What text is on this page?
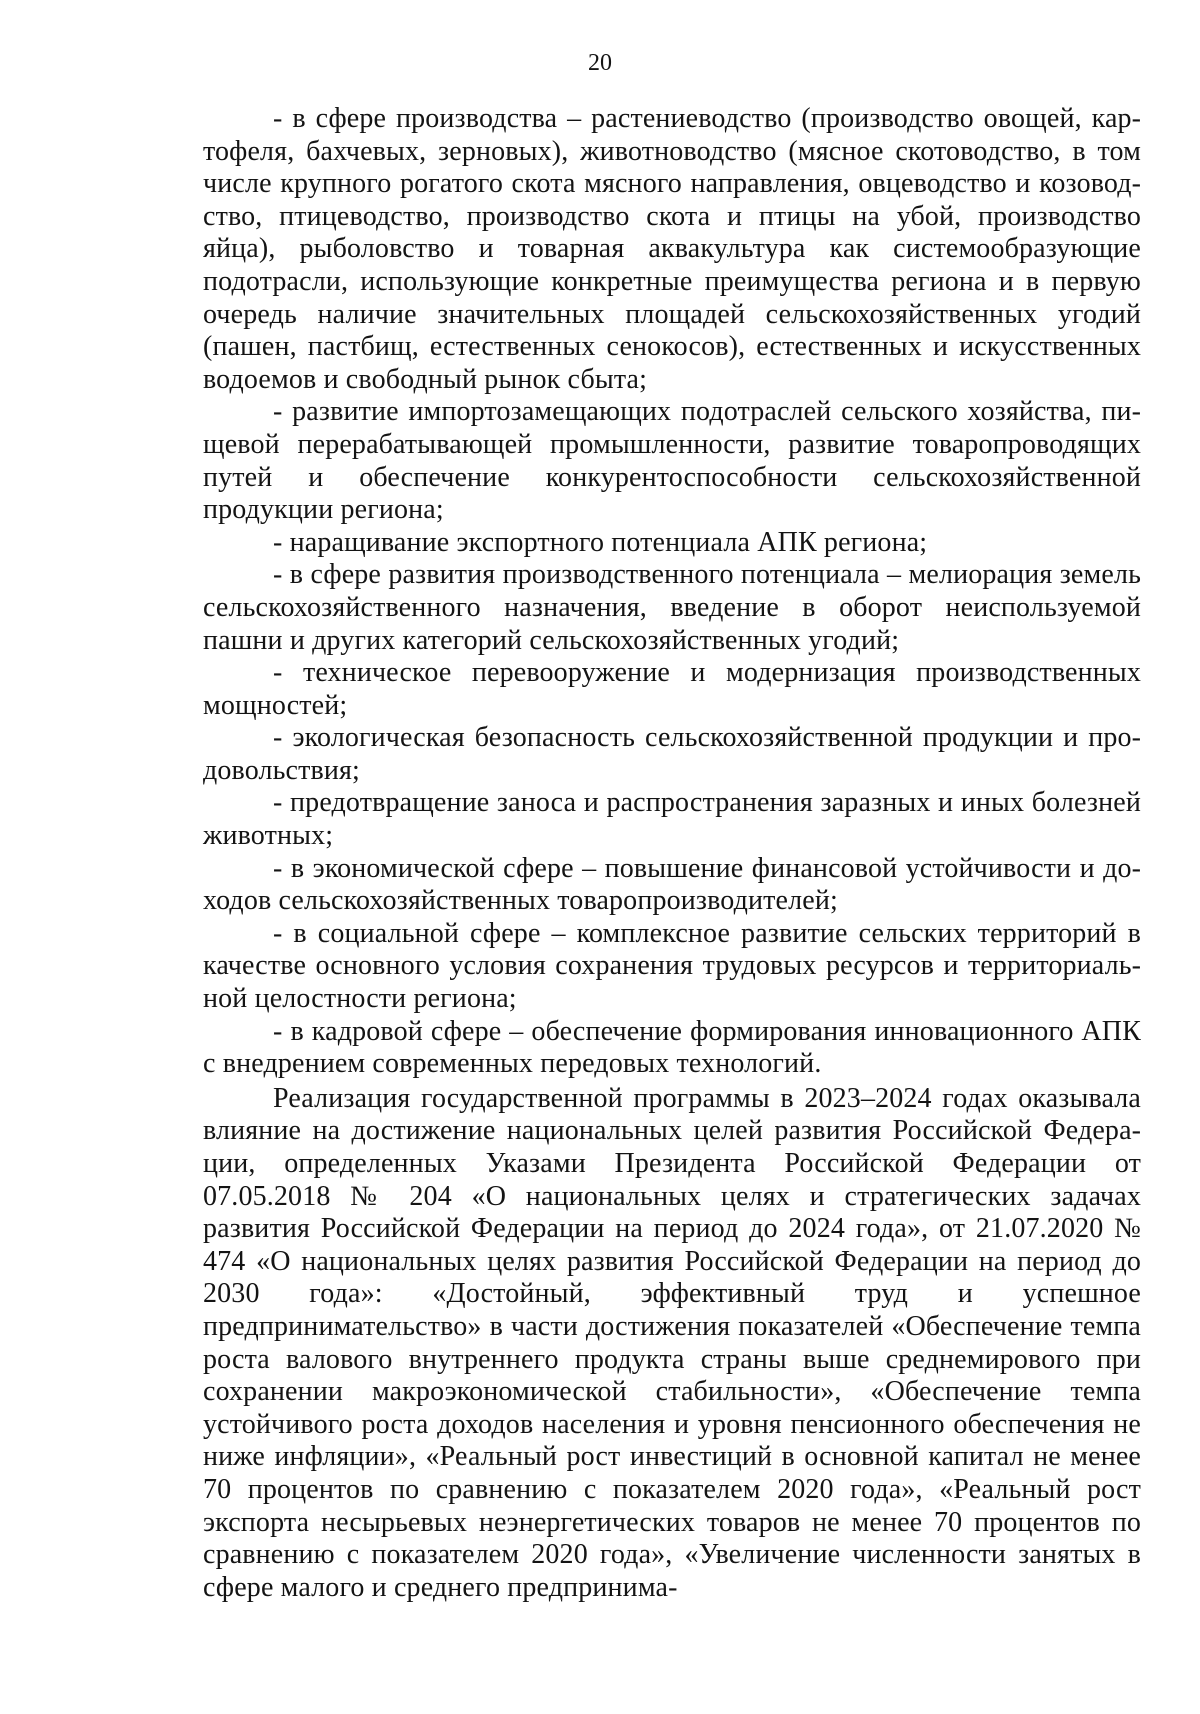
20

- в сфере производства – растениеводство (производство овощей, картофеля, бахчевых, зерновых), животноводство (мясное скотоводство, в том числе крупного рогатого скота мясного направления, овцеводство и козоводство, птицеводство, производство скота и птицы на убой, производство яйца), рыболовство и товарная аквакультура как системообразующие подотрасли, использующие конкретные преимущества региона и в первую очередь наличие значительных площадей сельскохозяйственных угодий (пашен, пастбищ, естественных сенокосов), естественных и искусственных водоемов и свободный рынок сбыта;

- развитие импортозамещающих подотраслей сельского хозяйства, пищевой перерабатывающей промышленности, развитие товаропроводящих путей и обеспечение конкурентоспособности сельскохозяйственной продукции региона;

- наращивание экспортного потенциала АПК региона;

- в сфере развития производственного потенциала – мелиорация земель сельскохозяйственного назначения, введение в оборот неиспользуемой пашни и других категорий сельскохозяйственных угодий;

- техническое перевооружение и модернизация производственных мощностей;

- экологическая безопасность сельскохозяйственной продукции и продовольствия;

- предотвращение заноса и распространения заразных и иных болезней животных;

- в экономической сфере – повышение финансовой устойчивости и доходов сельскохозяйственных товаропроизводителей;

- в социальной сфере – комплексное развитие сельских территорий в качестве основного условия сохранения трудовых ресурсов и территориальной целостности региона;

- в кадровой сфере – обеспечение формирования инновационного АПК с внедрением современных передовых технологий.

Реализация государственной программы в 2023–2024 годах оказывала влияние на достижение национальных целей развития Российской Федерации, определенных Указами Президента Российской Федерации от 07.05.2018 № 204 «О национальных целях и стратегических задачах развития Российской Федерации на период до 2024 года», от 21.07.2020 № 474 «О национальных целях развития Российской Федерации на период до 2030 года»: «Достойный, эффективный труд и успешное предпринимательство» в части достижения показателей «Обеспечение темпа роста валового внутреннего продукта страны выше среднемирового при сохранении макроэкономической стабильности», «Обеспечение темпа устойчивого роста доходов населения и уровня пенсионного обеспечения не ниже инфляции», «Реальный рост инвестиций в основной капитал не менее 70 процентов по сравнению с показателем 2020 года», «Реальный рост экспорта несырьевых неэнергетических товаров не менее 70 процентов по сравнению с показателем 2020 года», «Увеличение численности занятых в сфере малого и среднего предпринима-
